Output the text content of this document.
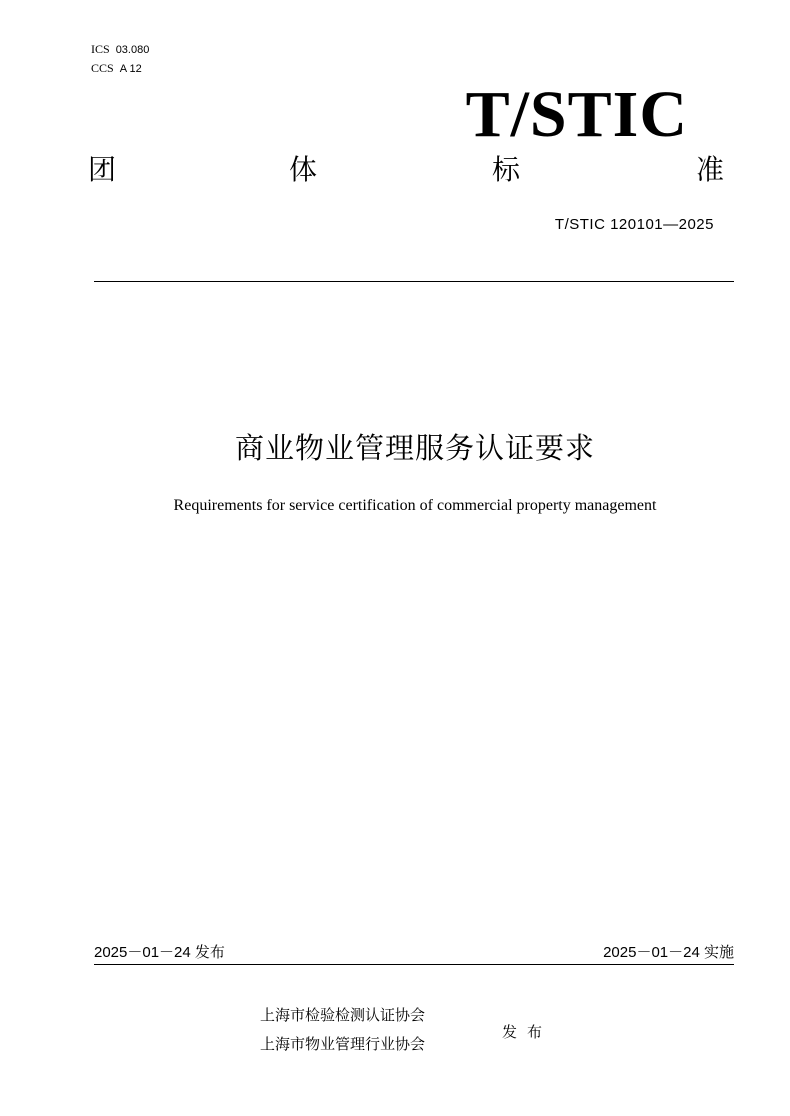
ICS 03.080
CCS A 12
T/STIC
团	体	标	准
T/STIC 120101—2025
商业物业管理服务认证要求
Requirements for service certification of commercial property management
2025－01－24 发布	2025－01－24 实施
上海市检验检测认证协会
上海市物业管理行业协会
发布
